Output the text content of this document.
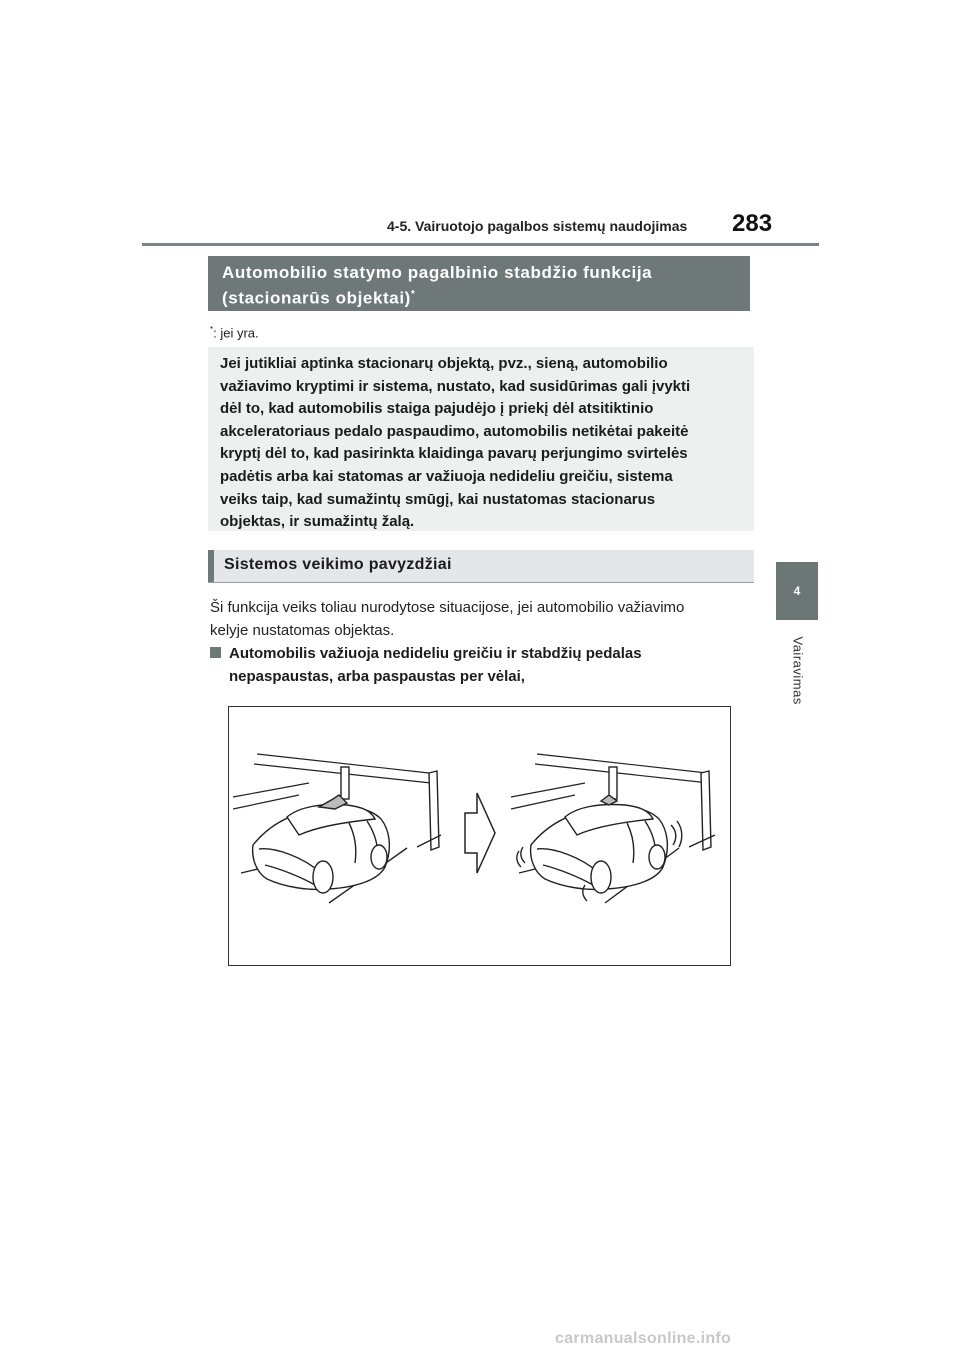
4-5. Vairuotojo pagalbos sistemų naudojimas 283
4
Vairavimas
Automobilio statymo pagalbinio stabdžio funkcija
(stacionarūs objektai)*
*: jei yra.
Jei jutikliai aptinka stacionarų objektą, pvz., sieną, automobilio
važiavimo kryptimi ir sistema, nustato, kad susidūrimas gali įvykti
dėl to, kad automobilis staiga pajudėjo į priekį dėl atsitiktinio
akceleratoriaus pedalo paspaudimo, automobilis netikėtai pakeitė
kryptį dėl to, kad pasirinkta klaidinga pavarų perjungimo svirtelės
padėtis arba kai statomas ar važiuoja nedideliu greičiu, sistema
veiks taip, kad sumažintų smūgį, kai nustatomas stacionarus
objektas, ir sumažintų žalą.
Sistemos veikimo pavyzdžiai
Ši funkcija veiks toliau nurodytose situacijose, jei automobilio važiavimo
kelyje nustatomas objektas.
Automobilis važiuoja nedideliu greičiu ir stabdžių pedalas
nepaspaustas, arba paspaustas per vėlai,
carmanualsonline.info
